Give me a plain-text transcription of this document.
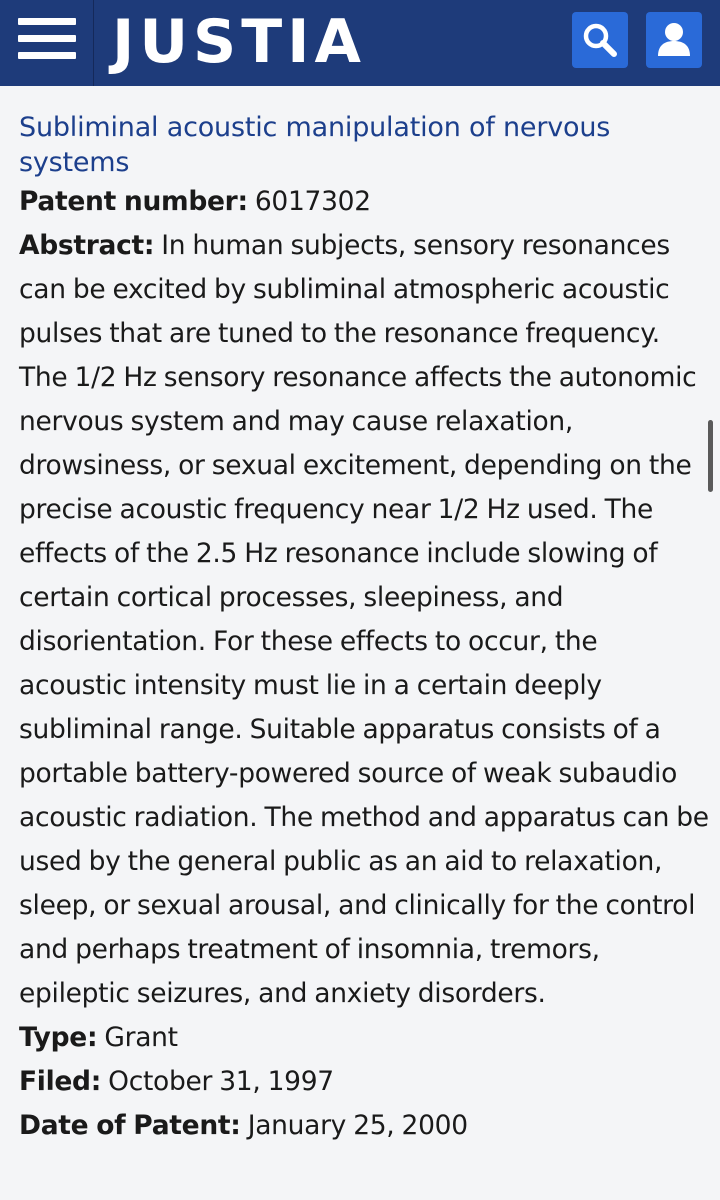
JUSTIA
Subliminal acoustic manipulation of nervous systems
Patent number: 6017302
Abstract: In human subjects, sensory resonances can be excited by subliminal atmospheric acoustic pulses that are tuned to the resonance frequency. The 1/2 Hz sensory resonance affects the autonomic nervous system and may cause relaxation, drowsiness, or sexual excitement, depending on the precise acoustic frequency near 1/2 Hz used. The effects of the 2.5 Hz resonance include slowing of certain cortical processes, sleepiness, and disorientation. For these effects to occur, the acoustic intensity must lie in a certain deeply subliminal range. Suitable apparatus consists of a portable battery-powered source of weak subaudio acoustic radiation. The method and apparatus can be used by the general public as an aid to relaxation, sleep, or sexual arousal, and clinically for the control and perhaps treatment of insomnia, tremors, epileptic seizures, and anxiety disorders.
Type: Grant
Filed: October 31, 1997
Date of Patent: January 25, 2000
